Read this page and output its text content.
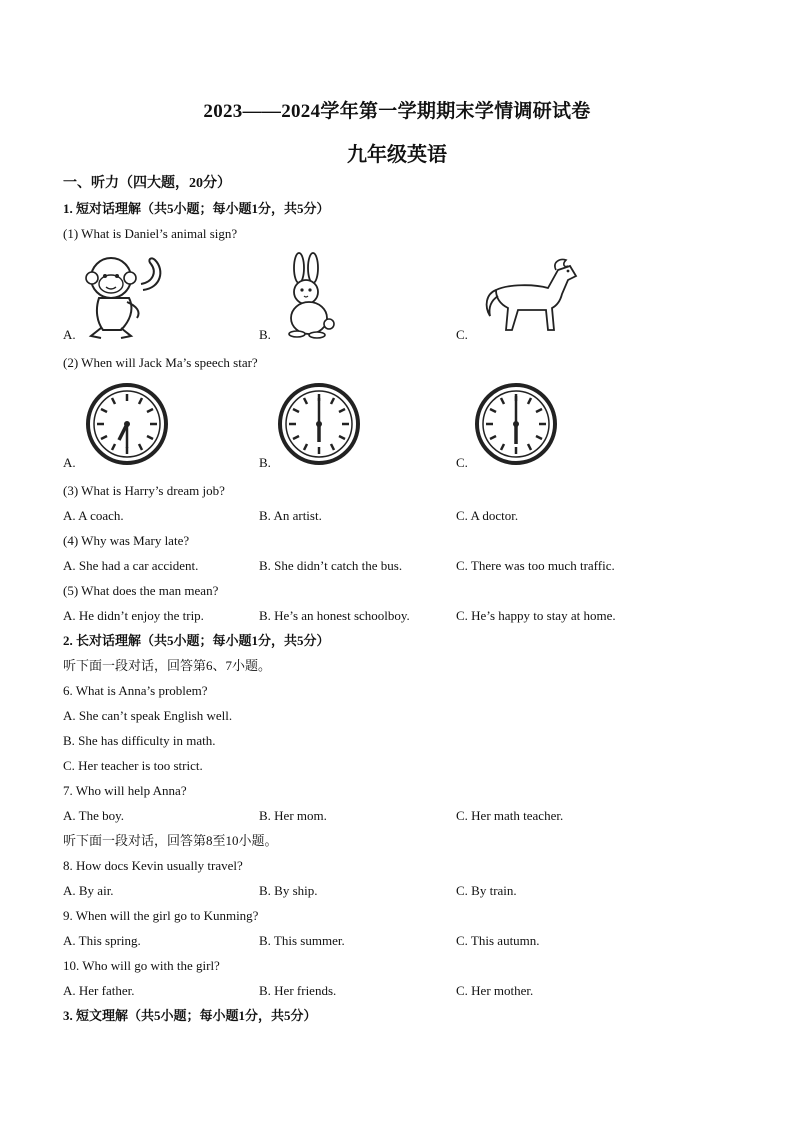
2023——2024学年第一学期期末学情调研试卷
九年级英语
一、听力（四大题，20分）
1. 短对话理解（共5小题；每小题1分，共5分）
(1) What is Daniel’s animal sign?
A.	B.	C.
(2) When will Jack Ma’s speech star?
A.	B.	C.
(3) What is Harry’s dream job?
A. A coach.	B. An artist.	C. A doctor.
(4) Why was Mary late?
A. She had a car accident.	B. She didn’t catch the bus.	C. There was too much traffic.
(5) What does the man mean?
A. He didn’t enjoy the trip.	B. He’s an honest schoolboy.	C. He’s happy to stay at home.
2. 长对话理解（共5小题；每小题1分，共5分）
听下面一段对话，回答第6、7小题。
6. What is Anna’s problem?
A. She can’t speak English well.
B. She has difficulty in math.
C. Her teacher is too strict.
7. Who will help Anna?
A. The boy.	B. Her mom.	C. Her math teacher.
听下面一段对话，回答第8至10小题。
8. How docs Kevin usually travel?
A. By air.	B. By ship.	C. By train.
9. When will the girl go to Kunming?
A. This spring.	B. This summer.	C. This autumn.
10. Who will go with the girl?
A. Her father.	B. Her friends.	C. Her mother.
3. 短文理解（共5小题；每小题1分，共5分）
